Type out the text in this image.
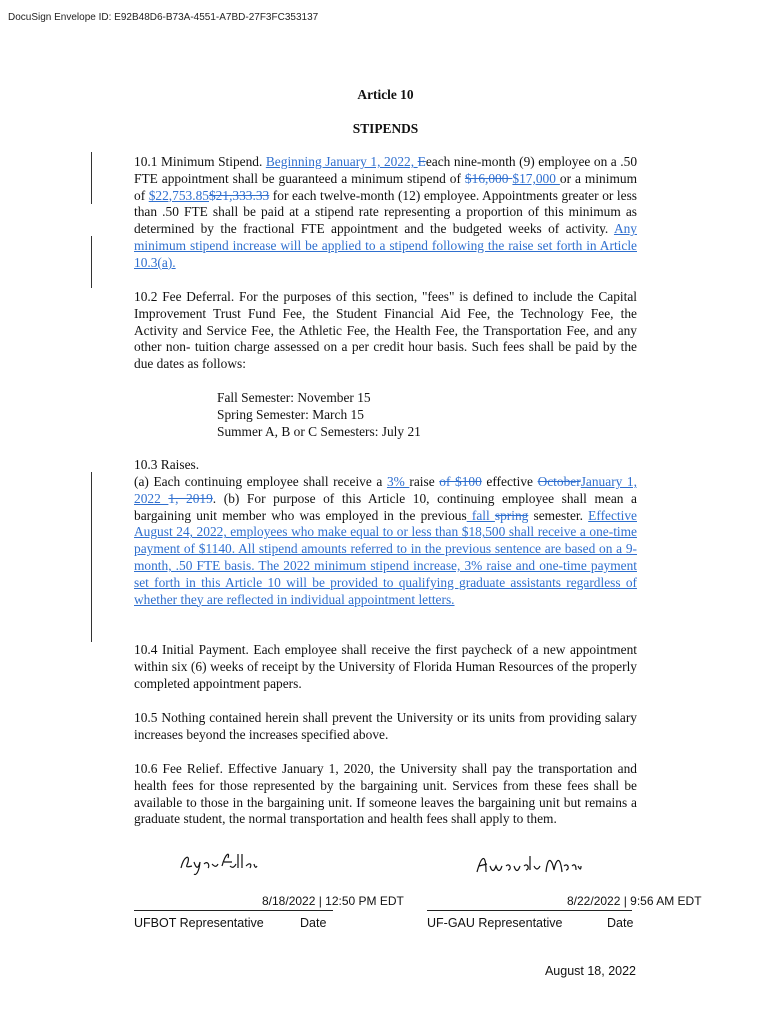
DocuSign Envelope ID: E92B48D6-B73A-4551-A7BD-27F3FC353137
Article 10
STIPENDS

10.1 Minimum Stipend. Beginning January 1, 2022, Eeach nine-month (9) employee on a .50 FTE appointment shall be guaranteed a minimum stipend of $16,000 $17,000 or a minimum of $22,753.85$21,333.33 for each twelve-month (12) employee. Appointments greater or less than .50 FTE shall be paid at a stipend rate representing a proportion of this minimum as determined by the fractional FTE appointment and the budgeted weeks of activity. Any minimum stipend increase will be applied to a stipend following the raise set forth in Article 10.3(a).

10.2 Fee Deferral. For the purposes of this section, "fees" is defined to include the Capital Improvement Trust Fund Fee, the Student Financial Aid Fee, the Technology Fee, the Activity and Service Fee, the Athletic Fee, the Health Fee, the Transportation Fee, and any other non- tuition charge assessed on a per credit hour basis. Such fees shall be paid by the due dates as follows:

Fall Semester: November 15
Spring Semester: March 15
Summer A, B or C Semesters: July 21
10.3 Raises.

(a) Each continuing employee shall receive a 3% raise of $100 effective OctoberJanuary 1, 2022 1, 2019. (b) For purpose of this Article 10, continuing employee shall mean a bargaining unit member who was employed in the previous fall spring semester. Effective August 24, 2022, employees who make equal to or less than $18,500 shall receive a one-time payment of $1140. All stipend amounts referred to in the previous sentence are based on a 9-month, .50 FTE basis. The 2022 minimum stipend increase, 3% raise and one-time payment set forth in this Article 10 will be provided to qualifying graduate assistants regardless of whether they are reflected in individual appointment letters.

10.4 Initial Payment. Each employee shall receive the first paycheck of a new appointment within six (6) weeks of receipt by the University of Florida Human Resources of the properly completed appointment papers.

10.5 Nothing contained herein shall prevent the University or its units from providing salary increases beyond the increases specified above.

10.6 Fee Relief. Effective January 1, 2020, the University shall pay the transportation and health fees for those represented by the bargaining unit. Services from these fees shall be available to those in the bargaining unit. If someone leaves the bargaining unit but remains a graduate student, the normal transportation and health fees shall apply to them.

8/18/2022 | 12:50 PM EDT	8/22/2022 | 9:56 AM EDT
UFBOT Representative	Date	UF-GAU Representative	Date
August 18, 2022
